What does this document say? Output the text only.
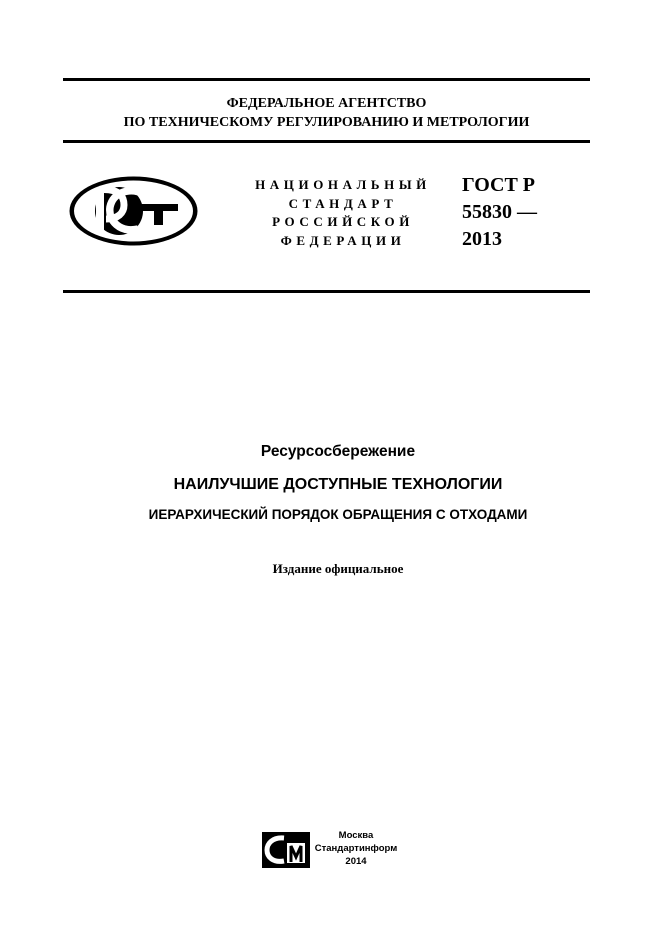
ФЕДЕРАЛЬНОЕ АГЕНТСТВО
ПО ТЕХНИЧЕСКОМУ РЕГУЛИРОВАНИЮ И МЕТРОЛОГИИ
НАЦИОНАЛЬНЫЙ
СТАНДАРТ
РОССИЙСКОЙ
ФЕДЕРАЦИИ
ГОСТ Р
55830 —
2013
Ресурсосбережение
НАИЛУЧШИЕ ДОСТУПНЫЕ ТЕХНОЛОГИИ
ИЕРАРХИЧЕСКИЙ ПОРЯДОК ОБРАЩЕНИЯ С ОТХОДАМИ
Издание официальное
Москва
Стандартинформ
2014
